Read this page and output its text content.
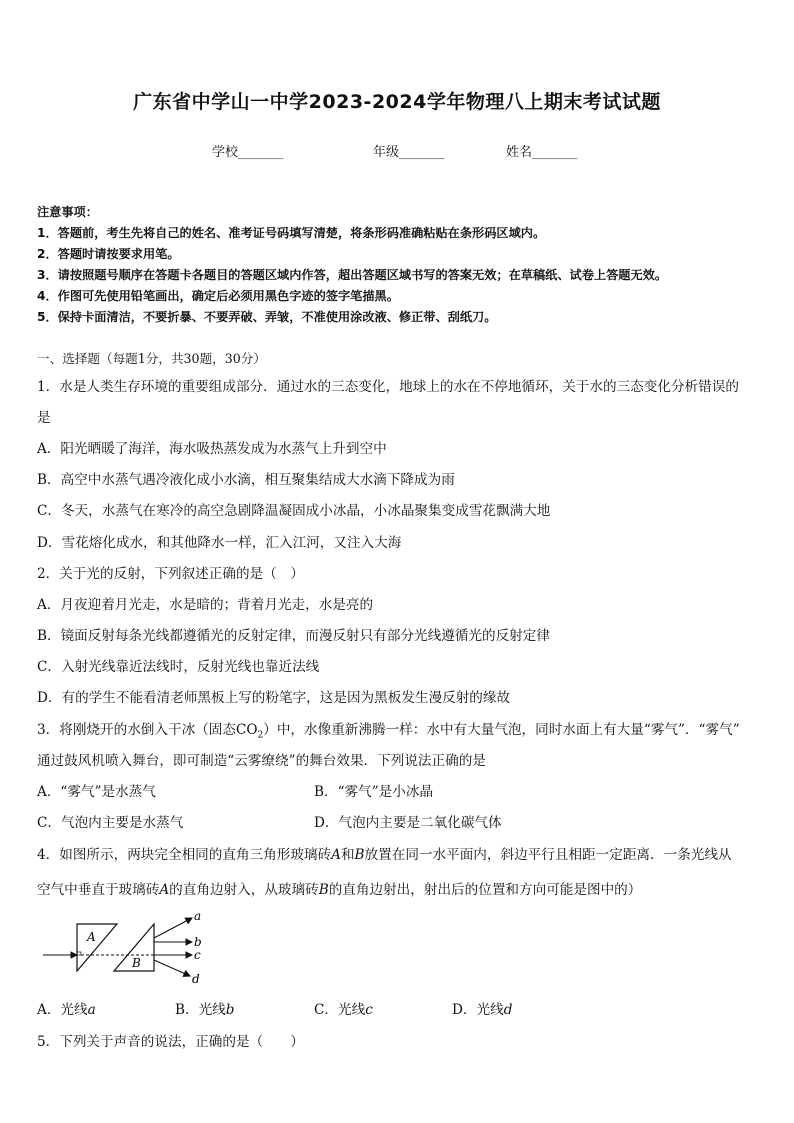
广东省中学山一中学2023-2024学年物理八上期末考试试题
学校_______	年级_______	姓名_______
注意事项：
1．答题前，考生先将自己的姓名、准考证号码填写清楚，将条形码准确粘贴在条形码区域内。
2．答题时请按要求用笔。
3．请按照题号顺序在答题卡各题目的答题区域内作答，超出答题区域书写的答案无效；在草稿纸、试卷上答题无效。
4．作图可先使用铅笔画出，确定后必须用黑色字迹的签字笔描黑。
5．保持卡面清洁，不要折暴、不要弄破、弄皱，不准使用涂改液、修正带、刮纸刀。
一、选择题（每题1分，共30题，30分）
1．水是人类生存环境的重要组成部分．通过水的三态变化，地球上的水在不停地循环，关于水的三态变化分析错误的
是
A．阳光晒暖了海洋，海水吸热蒸发成为水蒸气上升到空中
B．高空中水蒸气遇冷液化成小水滴，相互聚集结成大水滴下降成为雨
C．冬天，水蒸气在寒冷的高空急剧降温凝固成小冰晶，小冰晶聚集变成雪花飘满大地
D．雪花熔化成水，和其他降水一样，汇入江河，又注入大海
2．关于光的反射，下列叙述正确的是（　）
A．月夜迎着月光走，水是暗的；背着月光走，水是亮的
B．镜面反射每条光线都遵循光的反射定律，而漫反射只有部分光线遵循光的反射定律
C．入射光线靠近法线时，反射光线也靠近法线
D．有的学生不能看清老师黑板上写的粉笔字，这是因为黑板发生漫反射的缘故
3．将刚烧开的水倒入干冰（固态$CO_2$）中，水像重新沸腾一样：水中有大量气泡，同时水面上有大量“雾气”．“雾气”
通过鼓风机喷入舞台，即可制造“云雾缭绕”的舞台效果．下列说法正确的是
A．“雾气”是水蒸气	B．“雾气”是小冰晶
C．气泡内主要是水蒸气	D．气泡内主要是二氧化碳气体
4．如图所示，两块完全相同的直角三角形玻璃砖A和B放置在同一水平面内，斜边平行且相距一定距离．一条光线从
空气中垂直于玻璃砖A的直角边射入，从玻璃砖B的直角边射出，射出后的位置和方向可能是图中的）
A
B
a
b
c
d
A．光线a	B．光线b	C．光线c	D．光线d
5．下列关于声音的说法，正确的是（　　）
